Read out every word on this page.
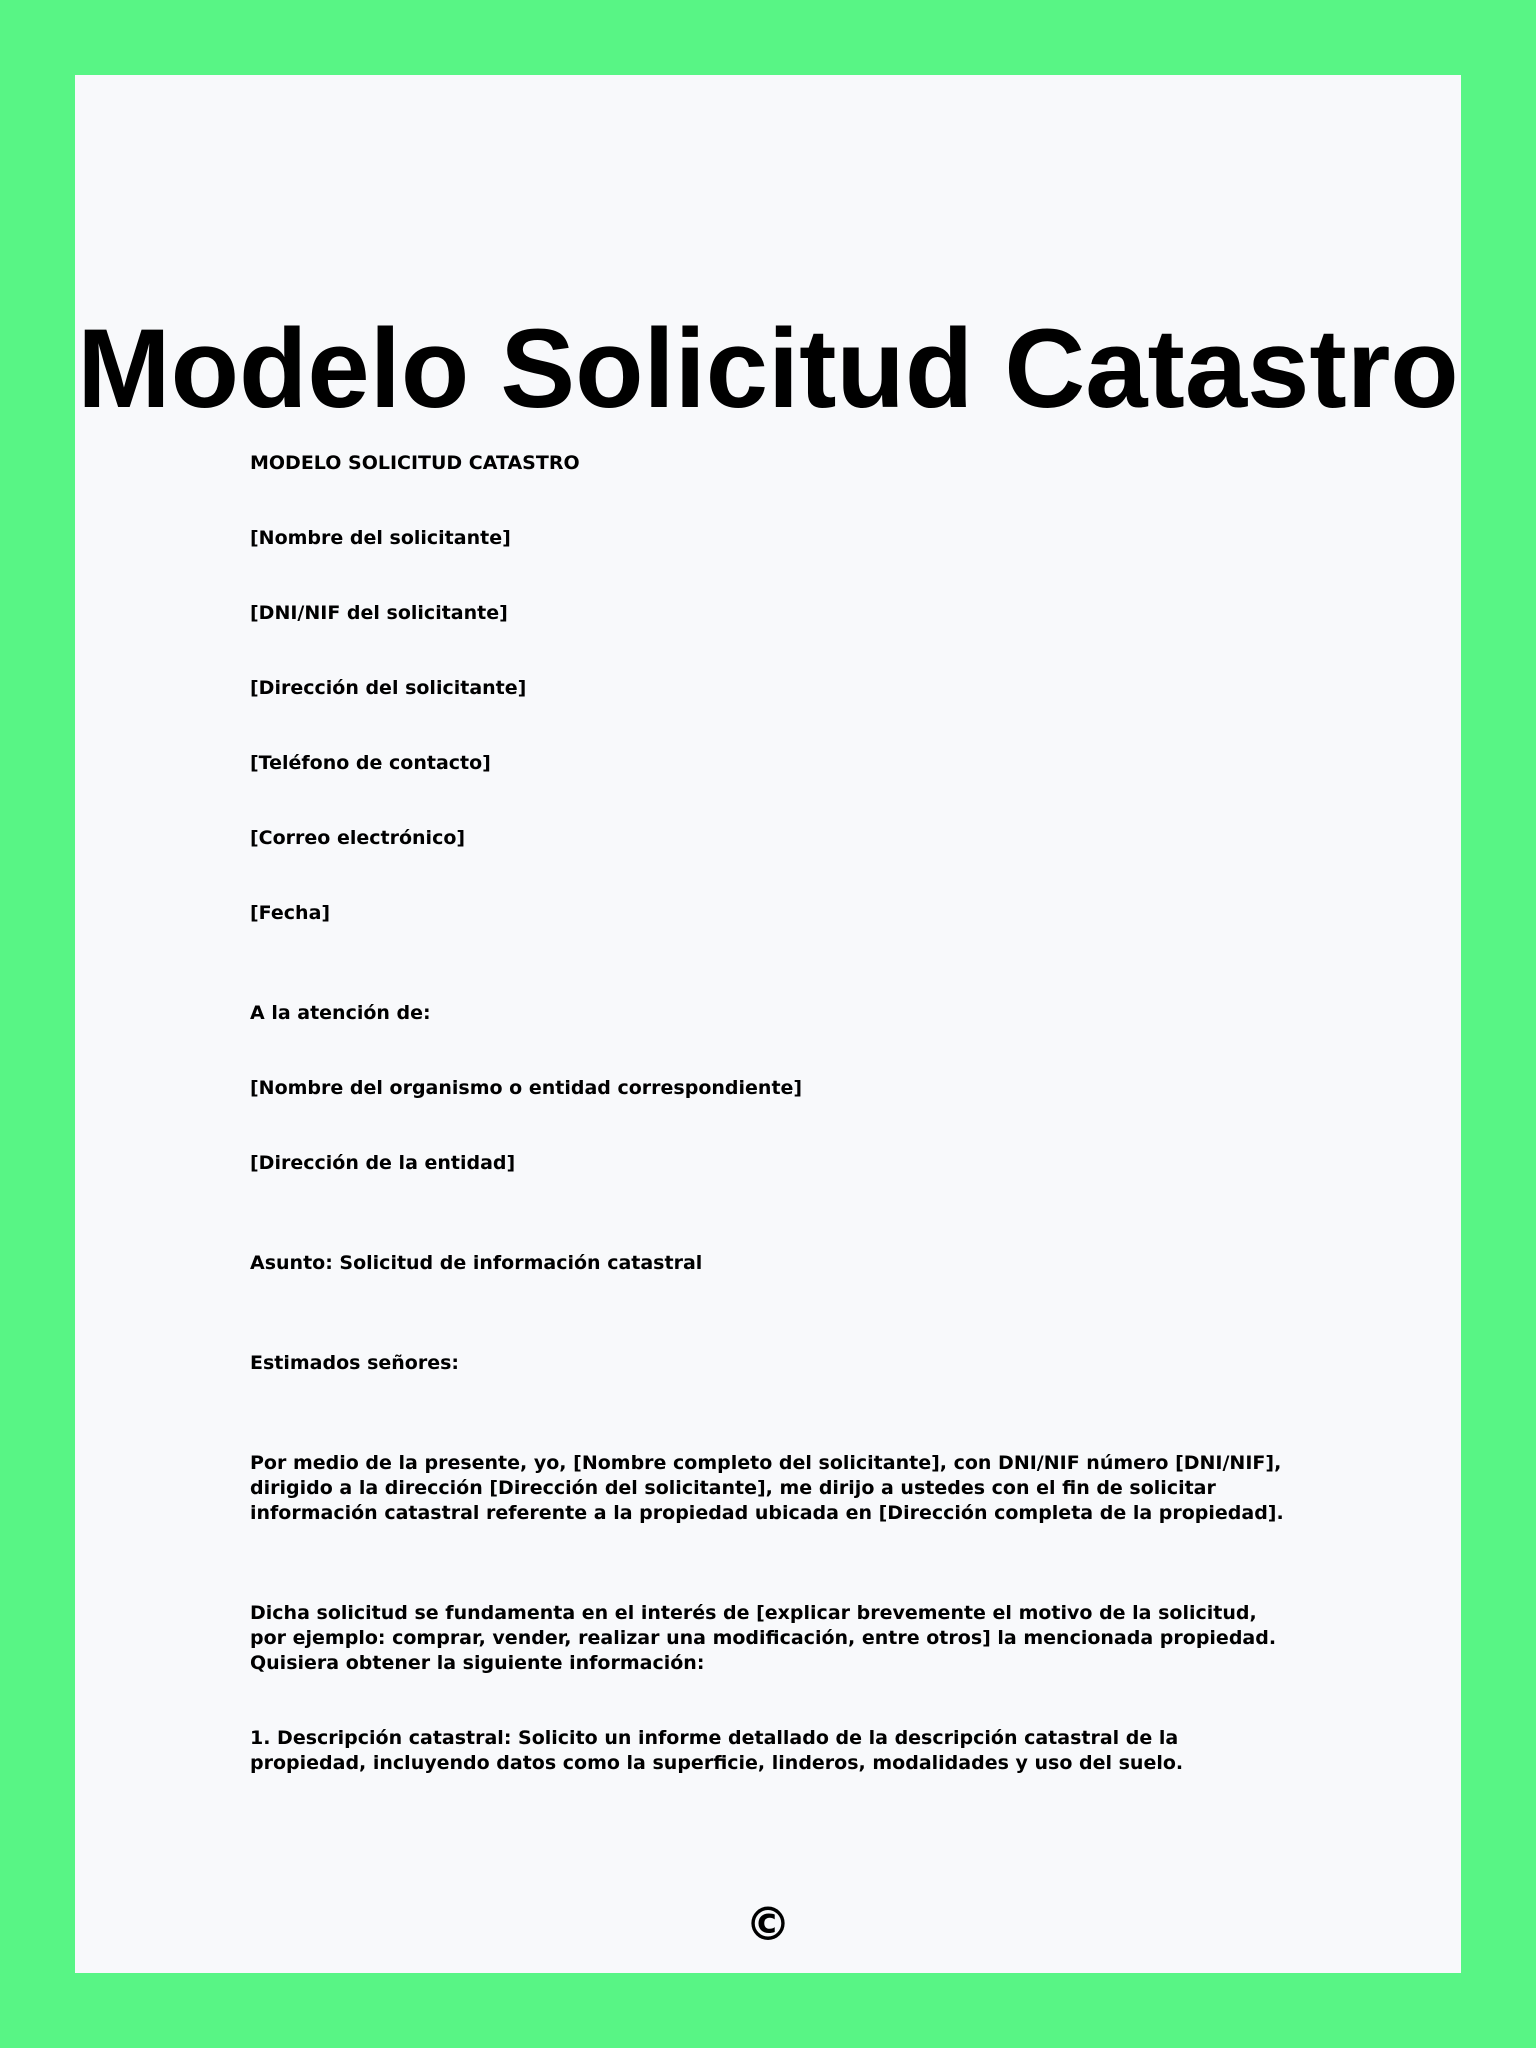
Modelo Solicitud Catastro

MODELO SOLICITUD CATASTRO

[Nombre del solicitante]

[DNI/NIF del solicitante]

[Dirección del solicitante]

[Teléfono de contacto]

[Correo electrónico]

[Fecha]

A la atención de:

[Nombre del organismo o entidad correspondiente]

[Dirección de la entidad]

Asunto: Solicitud de información catastral

Estimados señores:

Por medio de la presente, yo, [Nombre completo del solicitante], con DNI/NIF número [DNI/NIF], dirigido a la dirección [Dirección del solicitante], me dirijo a ustedes con el fin de solicitar información catastral referente a la propiedad ubicada en [Dirección completa de la propiedad].

Dicha solicitud se fundamenta en el interés de [explicar brevemente el motivo de la solicitud, por ejemplo: comprar, vender, realizar una modificación, entre otros] la mencionada propiedad. Quisiera obtener la siguiente información:

1. Descripción catastral: Solicito un informe detallado de la descripción catastral de la propiedad, incluyendo datos como la superficie, linderos, modalidades y uso del suelo.

©
